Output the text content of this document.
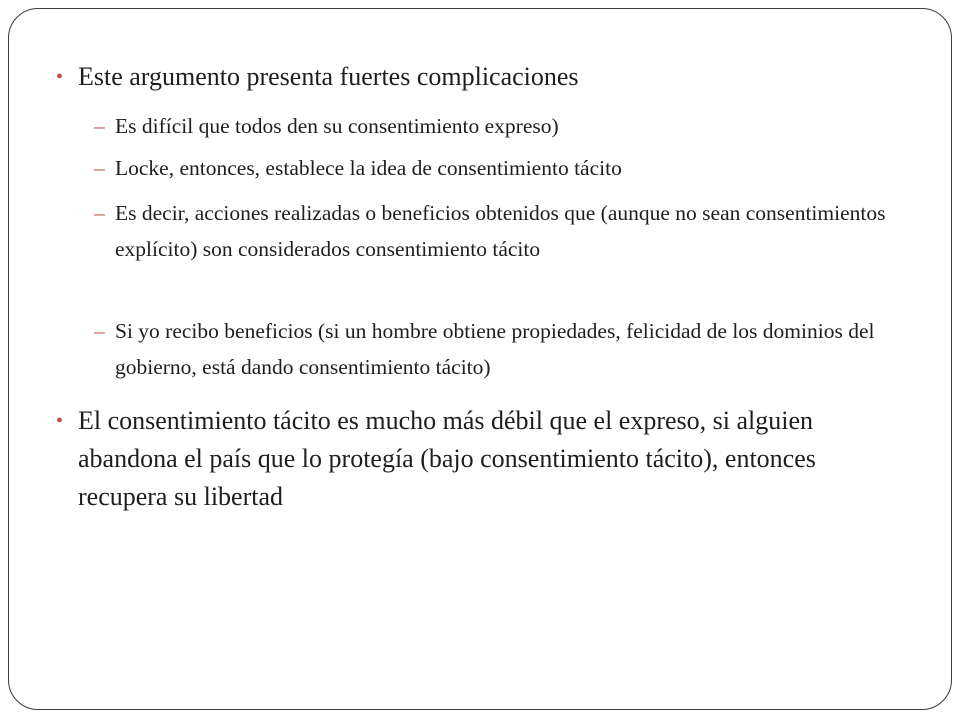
• Este argumento presenta fuertes complicaciones
– Es difícil que todos den su consentimiento expreso)
– Locke, entonces, establece la idea de consentimiento tácito
– Es decir, acciones realizadas o beneficios obtenidos que (aunque no sean consentimientos explícito) son considerados consentimiento tácito
– Si yo recibo beneficios (si un hombre obtiene propiedades, felicidad de los dominios del gobierno, está dando consentimiento tácito)
• El consentimiento tácito es mucho más débil que el expreso, si alguien abandona el país que lo protegía (bajo consentimiento tácito), entonces recupera su libertad
